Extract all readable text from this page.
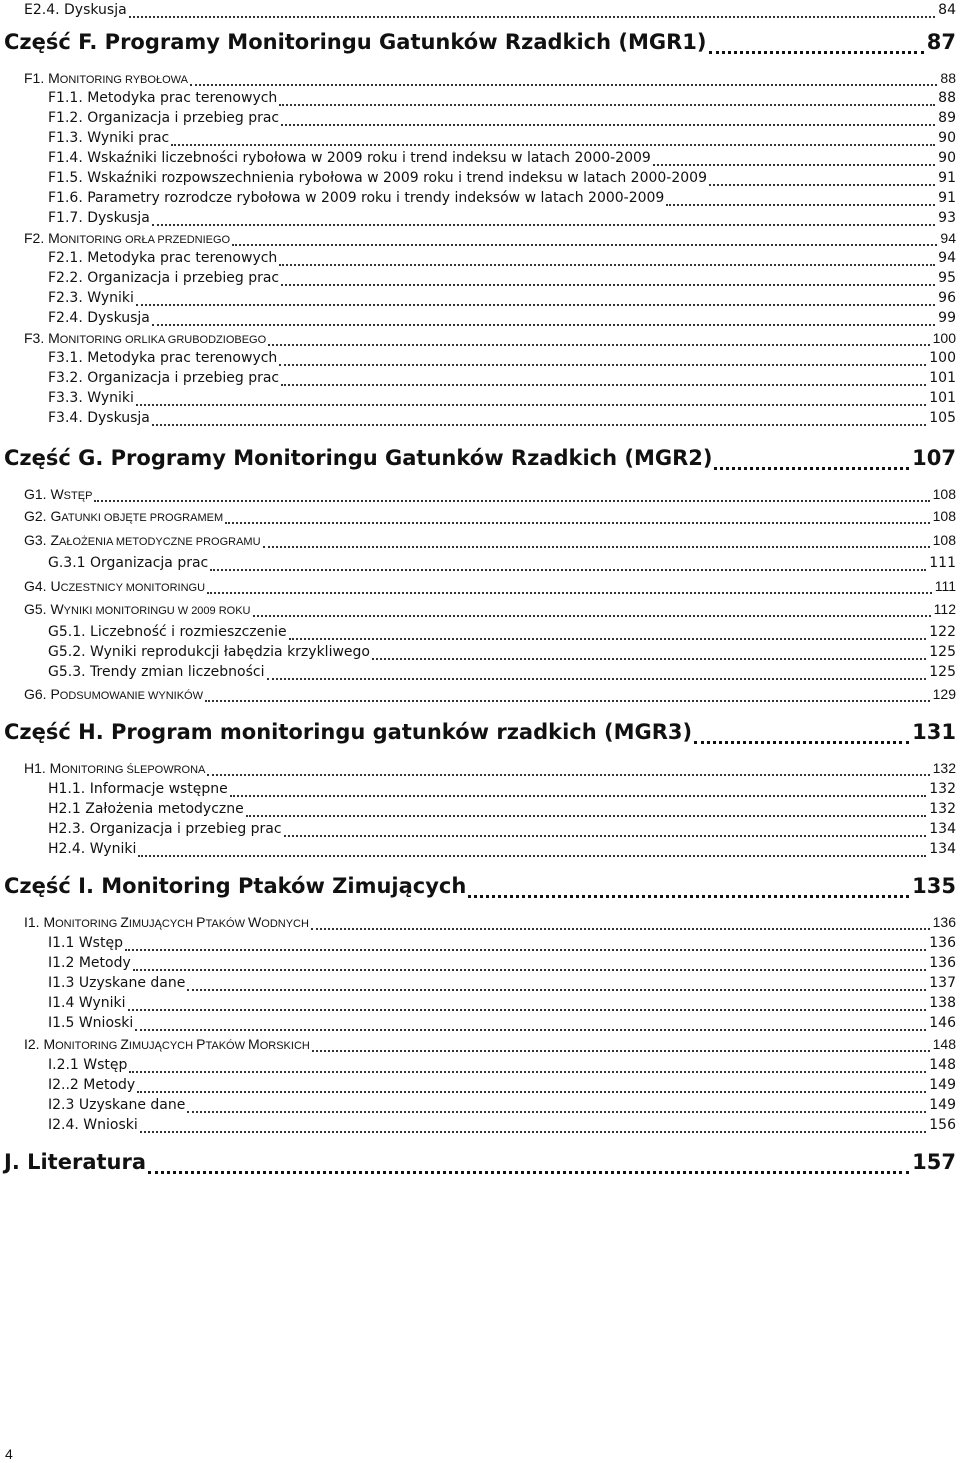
E2.4. Dyskusja	84
Część F. Programy Monitoringu Gatunków Rzadkich (MGR1)	87
F1. MONITORING RYBOŁOWA	88
F1.1. Metodyka prac terenowych	88
F1.2. Organizacja i przebieg prac	89
F1.3. Wyniki prac	90
F1.4. Wskaźniki liczebności rybołowa w 2009 roku i trend indeksu w latach 2000-2009	90
F1.5. Wskaźniki rozpowszechnienia rybołowa w 2009 roku i trend indeksu w latach 2000-2009	91
F1.6. Parametry rozrodcze rybołowa w 2009 roku i trendy indeksów w latach 2000-2009	91
F1.7. Dyskusja	93
F2. MONITORING ORŁA PRZEDNIEGO	94
F2.1. Metodyka prac terenowych	94
F2.2. Organizacja i przebieg prac	95
F2.3. Wyniki	96
F2.4. Dyskusja	99
F3. MONITORING ORLIKA GRUBODZIOBEGO	100
F3.1. Metodyka prac terenowych	100
F3.2. Organizacja i przebieg prac	101
F3.3. Wyniki	101
F3.4. Dyskusja	105
Część G. Programy Monitoringu Gatunków Rzadkich (MGR2)	107
G1. WSTĘP	108
G2. GATUNKI OBJĘTE PROGRAMEM	108
G3. ZAŁOŻENIA METODYCZNE PROGRAMU	108
G.3.1 Organizacja prac	111
G4. UCZESTNICY MONITORINGU	111
G5. WYNIKI MONITORINGU W 2009 ROKU	112
G5.1. Liczebność i rozmieszczenie	122
G5.2. Wyniki reprodukcji łabędzia krzykliwego	125
G5.3. Trendy zmian liczebności	125
G6. PODSUMOWANIE WYNIKÓW	129
Część H. Program monitoringu gatunków rzadkich (MGR3)	131
H1. MONITORING ŚLEPOWRONA	132
H1.1. Informacje wstępne	132
H2.1 Założenia metodyczne	132
H2.3. Organizacja i przebieg prac	134
H2.4. Wyniki	134
Część I. Monitoring Ptaków Zimujących	135
I1. MONITORING ZIMUJĄCYCH PTAKÓW WODNYCH	136
I1.1 Wstęp	136
I1.2 Metody	136
I1.3 Uzyskane dane	137
I1.4 Wyniki	138
I1.5 Wnioski	146
I2. MONITORING ZIMUJĄCYCH PTAKÓW MORSKICH	148
I.2.1 Wstęp	148
I2..2 Metody	149
I2.3 Uzyskane dane	149
I2.4. Wnioski	156
J. Literatura	157
4
